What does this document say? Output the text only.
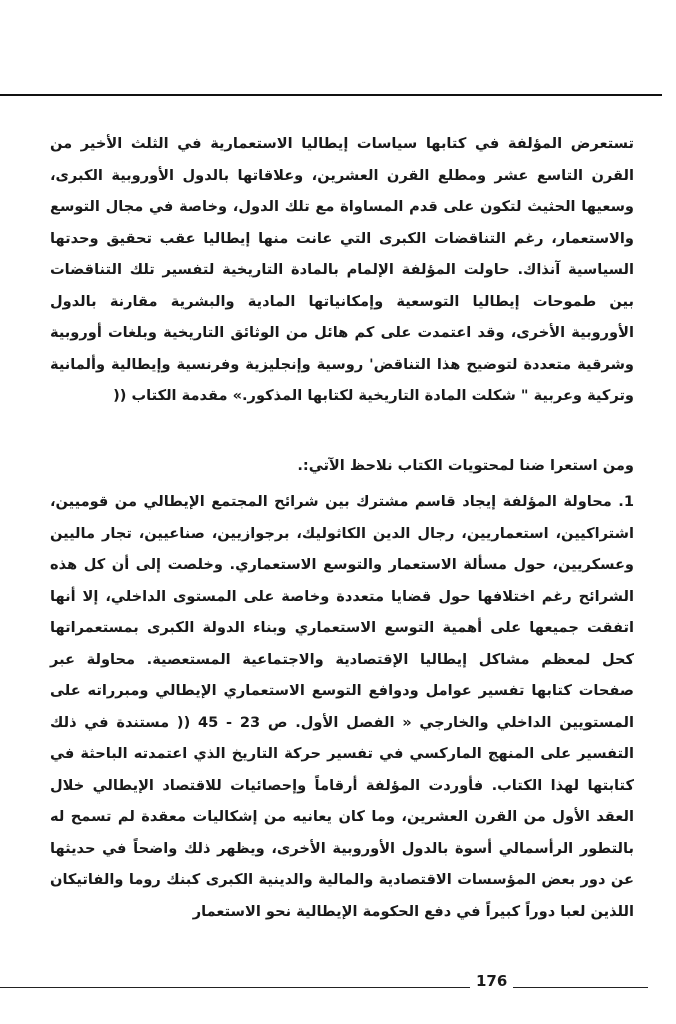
تستعرض المؤلفة في كتابها سياسات إيطاليا الاستعمارية في الثلث الأخير من القرن التاسع عشر ومطلع القرن العشرين، وعلاقاتها بالدول الأوروبية الكبرى، وسعيها الحثيث لتكون على قدم المساواة مع تلك الدول، وخاصة في مجال التوسع والاستعمار، رغم التناقضات الكبرى التي عانت منها إيطاليا عقب تحقيق وحدتها السياسية آنذاك. حاولت المؤلفة الإلمام بالمادة التاريخية لتفسير تلك التناقضات بين طموحات إيطاليا التوسعية وإمكانياتها المادية والبشرية مقارنة بالدول الأوروبية الأخرى، وقد اعتمدت على كم هائل من الوثائق التاريخية وبلغات أوروبية وشرقية متعددة لتوضيح هذا التناقض' روسية وإنجليزية وفرنسية وإيطالية وألمانية وتركية وعربية " شكلت المادة التاريخية لكتابها المذكور.» مقدمة الكتاب ((

ومن استعرا ضنا لمحتويات الكتاب نلاحظ الآتي:.

1. محاولة المؤلفة إيجاد قاسم مشترك بين شرائح المجتمع الإيطالي من قوميين، اشتراكيين، استعماريين، رجال الدين الكاثوليك، برجوازيين، صناعيين، تجار ماليين وعسكريين، حول مسألة الاستعمار والتوسع الاستعماري. وخلصت إلى أن كل هذه الشرائح رغم اختلافها حول قضايا متعددة وخاصة على المستوى الداخلي، إلا أنها اتفقت جميعها على أهمية التوسع الاستعماري وبناء الدولة الكبرى بمستعمراتها كحل لمعظم مشاكل إيطاليا الإقتصادية والاجتماعية المستعصية. محاولة عبر صفحات كتابها تفسير عوامل ودوافع التوسع الاستعماري الإيطالي ومبرراته على المستويين الداخلي والخارجي « الفصل الأول. ص 23 - 45 (( مستندة في ذلك التفسير على المنهج الماركسي في تفسير حركة التاريخ الذي اعتمدته الباحثة في كتابتها لهذا الكتاب. فأوردت المؤلفة أرقاماً وإحصائيات للاقتصاد الإيطالي خلال العقد الأول من القرن العشرين، وما كان يعانيه من إشكاليات معقدة لم تسمح له بالتطور الرأسمالي أسوة بالدول الأوروبية الأخرى، ويظهر ذلك واضحاً في حديثها عن دور بعض المؤسسات الاقتصادية والمالية والدينية الكبرى كبنك روما والفاتيكان اللذين لعبا دوراً كبيراً في دفع الحكومة الإيطالية نحو الاستعمار

176
